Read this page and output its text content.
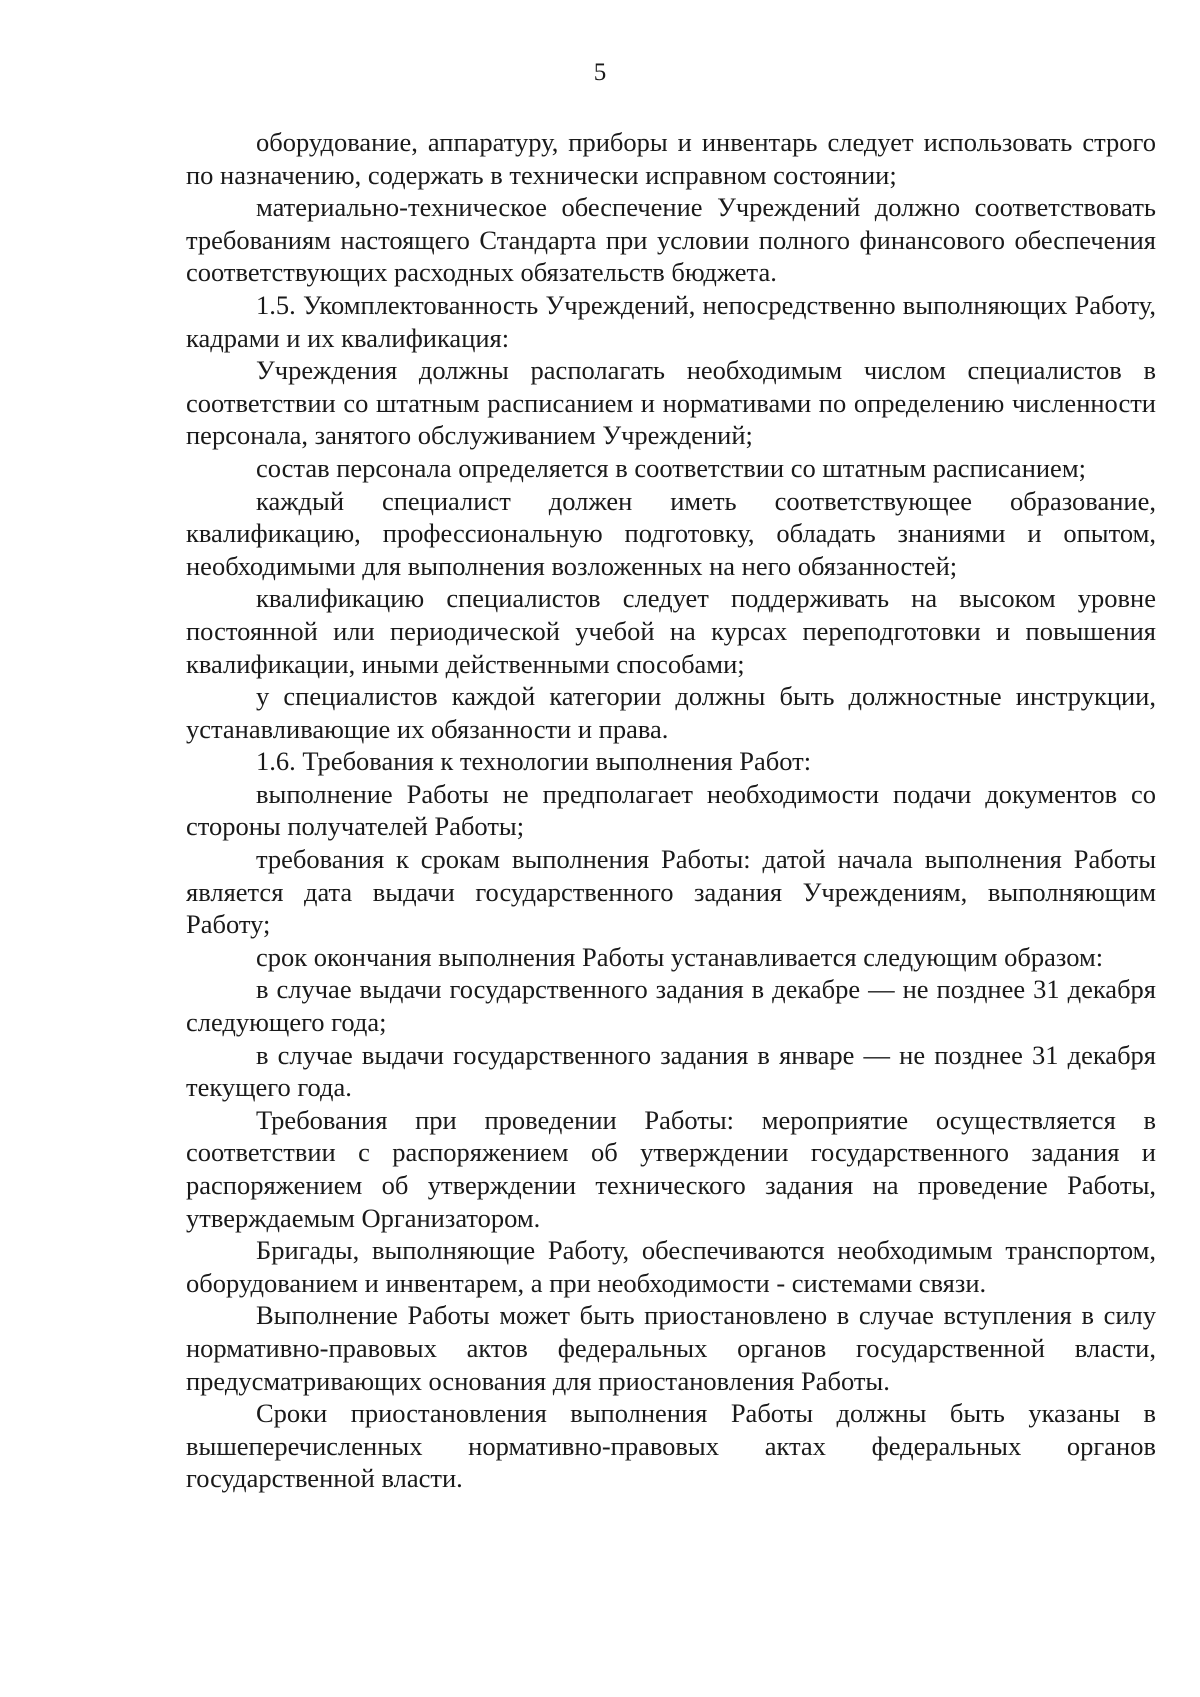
5

оборудование, аппаратуру, приборы и инвентарь следует использовать строго по назначению, содержать в технически исправном состоянии;

материально-техническое обеспечение Учреждений должно соответствовать требованиям настоящего Стандарта при условии полного финансового обеспечения соответствующих расходных обязательств бюджета.

1.5. Укомплектованность Учреждений, непосредственно выполняющих Работу, кадрами и их квалификация:

Учреждения должны располагать необходимым числом специалистов в соответствии со штатным расписанием и нормативами по определению численности персонала, занятого обслуживанием Учреждений;

состав персонала определяется в соответствии со штатным расписанием;

каждый специалист должен иметь соответствующее образование, квалификацию, профессиональную подготовку, обладать знаниями и опытом, необходимыми для выполнения возложенных на него обязанностей;

квалификацию специалистов следует поддерживать на высоком уровне постоянной или периодической учебой на курсах переподготовки и повышения квалификации, иными действенными способами;

у специалистов каждой категории должны быть должностные инструкции, устанавливающие их обязанности и права.

1.6. Требования к технологии выполнения Работ:

выполнение Работы не предполагает необходимости подачи документов со стороны получателей Работы;

требования к срокам выполнения Работы: датой начала выполнения Работы является дата выдачи государственного задания Учреждениям, выполняющим Работу;

срок окончания выполнения Работы устанавливается следующим образом:

в случае выдачи государственного задания в декабре — не позднее 31 декабря следующего года;

в случае выдачи государственного задания в январе — не позднее 31 декабря текущего года.

Требования при проведении Работы: мероприятие осуществляется в соответствии с распоряжением об утверждении государственного задания и распоряжением об утверждении технического задания на проведение Работы, утверждаемым Организатором.

Бригады, выполняющие Работу, обеспечиваются необходимым транспортом, оборудованием и инвентарем, а при необходимости - системами связи.

Выполнение Работы может быть приостановлено в случае вступления в силу нормативно-правовых актов федеральных органов государственной власти, предусматривающих основания для приостановления Работы.

Сроки приостановления выполнения Работы должны быть указаны в вышеперечисленных нормативно-правовых актах федеральных органов государственной власти.
